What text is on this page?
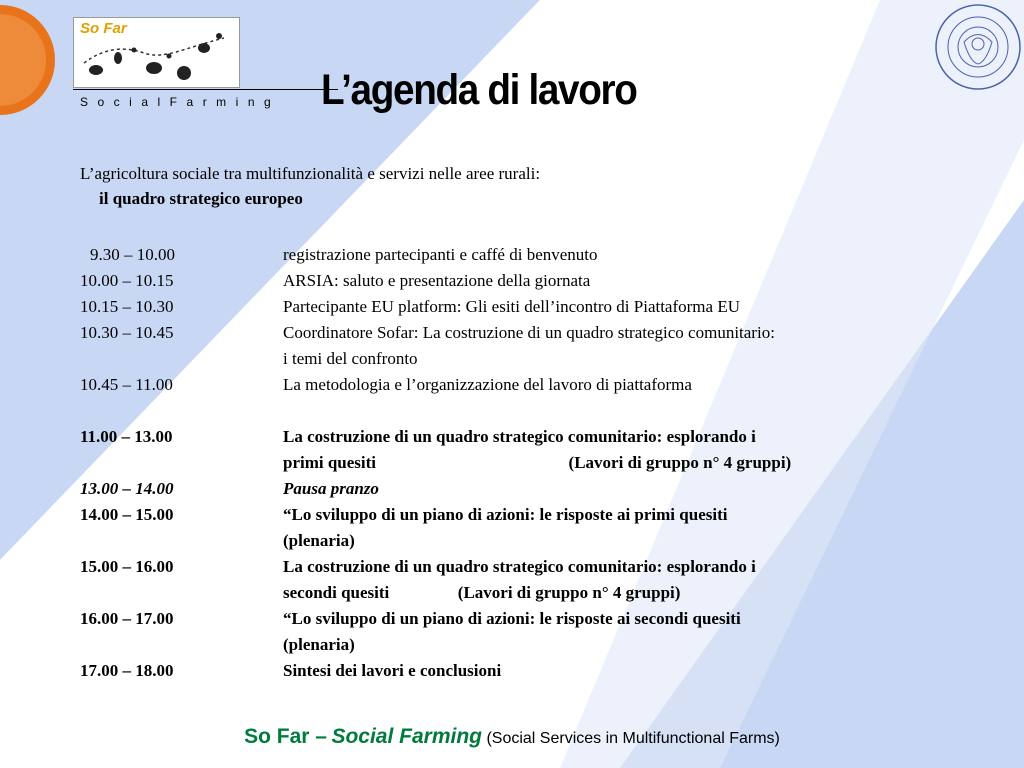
So Far
SocialFarming L’agenda di lavoro
L’agricoltura sociale tra multifunzionalità e servizi nelle aree rurali:
il quadro strategico europeo
9.30 – 10.00	registrazione partecipanti e caffé di benvenuto
10.00 – 10.15	ARSIA: saluto e presentazione della giornata
10.15 – 10.30	Partecipante EU platform: Gli esiti dell’incontro di Piattaforma EU
10.30 – 10.45	Coordinatore Sofar: La costruzione di un quadro strategico comunitario:
i temi del confronto
10.45 – 11.00	La metodologia e l’organizzazione del lavoro di piattaforma
11.00 – 13.00	La costruzione di un quadro strategico comunitario: esplorando i
primi quesiti	(Lavori di gruppo n° 4 gruppi)
13.00 – 14.00	Pausa pranzo
14.00 – 15.00	“Lo sviluppo di un piano di azioni: le risposte ai primi quesiti
(plenaria)
15.00 – 16.00	La costruzione di un quadro strategico comunitario: esplorando i
secondi quesiti	(Lavori di gruppo n° 4 gruppi)
16.00 – 17.00	“Lo sviluppo di un piano di azioni: le risposte ai secondi quesiti
(plenaria)
17.00 – 18.00	Sintesi dei lavori e conclusioni
So Far – Social Farming (Social Services in Multifunctional Farms)
